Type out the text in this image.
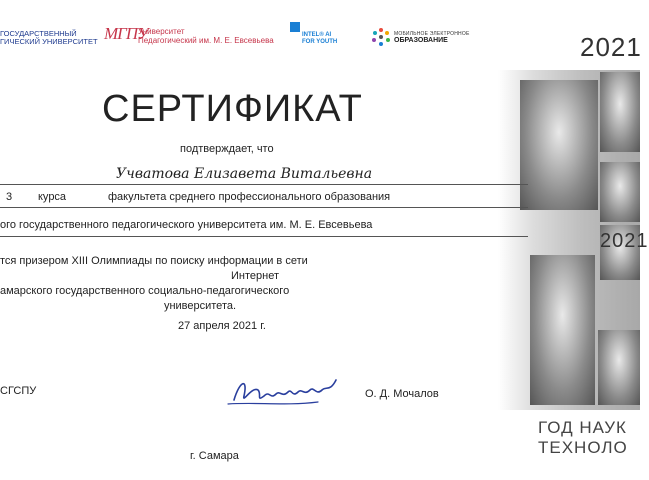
ГОСУДАРСТВЕННЫЙ
ГИЧЕСКИЙ УНИВЕРСИТЕТ МГПУ
Университет
Педагогический им. М. Е. Евсевьева
INTEL® AI
FOR YOUTH
МОБИЛЬНОЕ ЭЛЕКТРОННОЕ
ОБРАЗОВАНИЕ	2021
2021
ГОД НАУК
ТЕХНОЛО
СЕРТИФИКАТ
подтверждает, что
Учватова Елизавета Витальевна
3 курса	факультета среднего профессионального образования
ого государственного педагогического университета им. М. Е. Евсевьева
тся призером XIII Олимпиады по поиску информации в сети
Интернет
амарского государственного социально-педагогического
университета.
27 апреля 2021 г.
СГСПУ	О. Д. Мочалов
г. Самара
